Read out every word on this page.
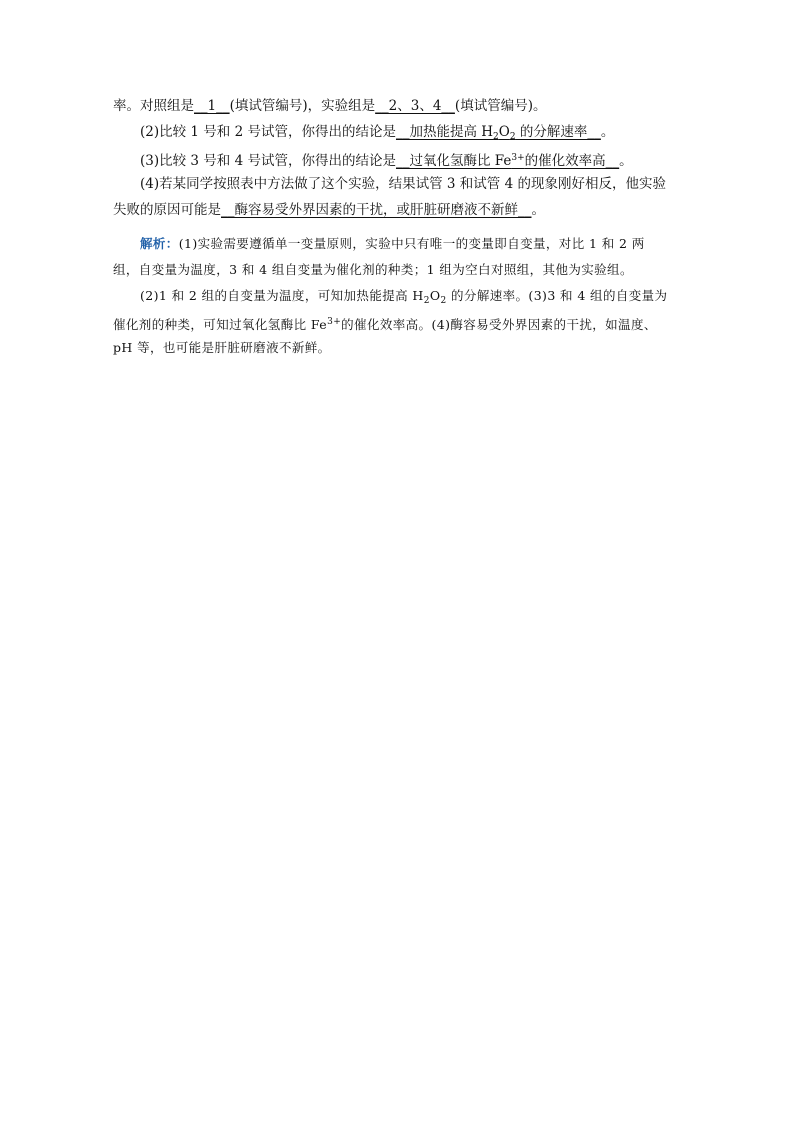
率。对照组是__1__(填试管编号)，实验组是__2、3、4__(填试管编号)。
(2)比较 1 号和 2 号试管，你得出的结论是__加热能提高 $H_2O_2$ 的分解速率__。
(3)比较 3 号和 4 号试管，你得出的结论是__过氧化氢酶比 $Fe^{3+}$的催化效率高__。
(4)若某同学按照表中方法做了这个实验，结果试管 3 和试管 4 的现象刚好相反，他实验
失败的原因可能是__酶容易受外界因素的干扰，或肝脏研磨液不新鲜__。
解析：(1)实验需要遵循单一变量原则，实验中只有唯一的变量即自变量，对比 1 和 2 两
组，自变量为温度，3 和 4 组自变量为催化剂的种类；1 组为空白对照组，其他为实验组。
(2)1 和 2 组的自变量为温度，可知加热能提高 $H_2O_2$ 的分解速率。(3)3 和 4 组的自变量为
催化剂的种类，可知过氧化氢酶比 $Fe^{3+}$的催化效率高。(4)酶容易受外界因素的干扰，如温度、
pH 等，也可能是肝脏研磨液不新鲜。
